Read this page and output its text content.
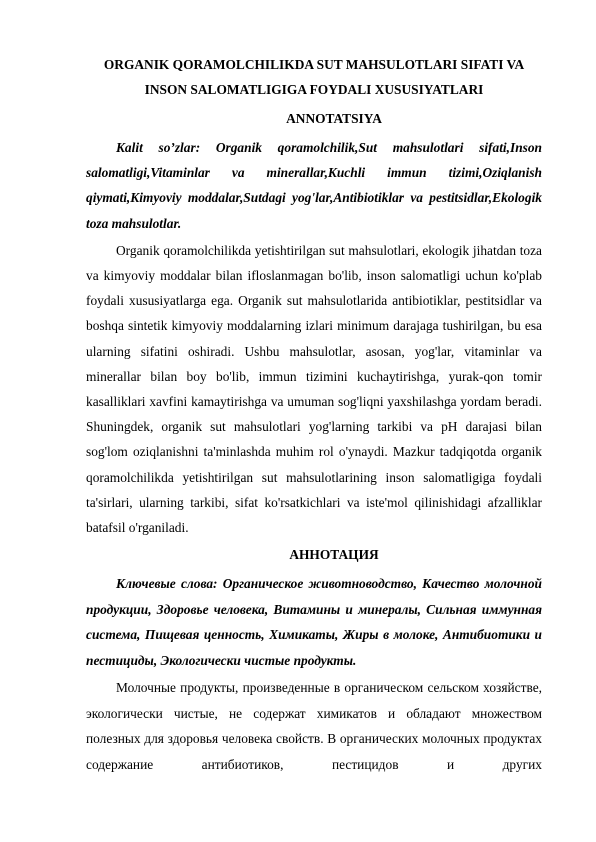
ORGANIK QORAMOLCHILIKDA SUT MAHSULOTLARI SIFATI VA

INSON SALOMATLIGIGA FOYDALI XUSUSIYATLARI

ANNOTATSIYA

Kalit so’zlar: Organik qoramolchilik,Sut mahsulotlari sifati,Inson salomatligi,Vitaminlar va minerallar,Kuchli immun tizimi,Oziqlanish qiymati,Kimyoviy moddalar,Sutdagi yog'lar,Antibiotiklar va pestitsidlar,Ekologik toza mahsulotlar.

Organik qoramolchilikda yetishtirilgan sut mahsulotlari, ekologik jihatdan toza va kimyoviy moddalar bilan ifloslanmagan bo'lib, inson salomatligi uchun ko'plab foydali xususiyatlarga ega. Organik sut mahsulotlarida antibiotiklar, pestitsidlar va boshqa sintetik kimyoviy moddalarning izlari minimum darajaga tushirilgan, bu esa ularning sifatini oshiradi. Ushbu mahsulotlar, asosan, yog'lar, vitaminlar va minerallar bilan boy bo'lib, immun tizimini kuchaytirishga, yurak-qon tomir kasalliklari xavfini kamaytirishga va umuman sog'liqni yaxshilashga yordam beradi. Shuningdek, organik sut mahsulotlari yog'larning tarkibi va pH darajasi bilan sog'lom oziqlanishni ta'minlashda muhim rol o'ynaydi. Mazkur tadqiqotda organik qoramolchilikda yetishtirilgan sut mahsulotlarining inson salomatligiga foydali ta'sirlari, ularning tarkibi, sifat ko'rsatkichlari va iste'mol qilinishidagi afzalliklar batafsil o'rganiladi.

АННОТАЦИЯ

Ключевые слова: Органическое животноводство, Качество молочной продукции, Здоровье человека, Витамины и минералы, Сильная иммунная система, Пищевая ценность, Химикаты, Жиры в молоке, Антибиотики и пестициды, Экологически чистые продукты.

Молочные продукты, произведенные в органическом сельском хозяйстве, экологически чистые, не содержат химикатов и обладают множеством полезных для здоровья человека свойств. В органических молочных продуктах содержание антибиотиков, пестицидов и других
